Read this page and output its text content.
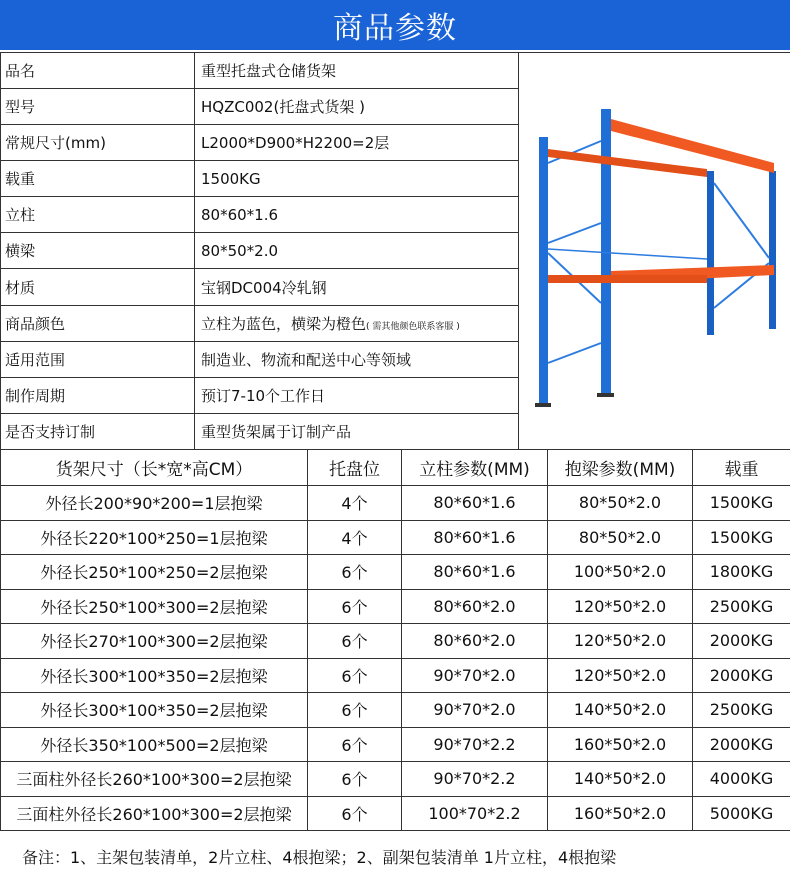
商品参数
品名	重型托盘式仓储货架	

型号	HQZC002(托盘式货架 )	
常规尺寸(mm)	L2000*D900*H2200=2层	
载重	1500KG	
立柱	80*60*1.6	
横梁	80*50*2.0	
材质	宝钢DC004冷轧钢	
商品颜色	立柱为蓝色，横梁为橙色( 需其他颜色联系客服 )	
适用范围	制造业、物流和配送中心等领域	
制作周期	预订7-10个工作日	
是否支持订制	重型货架属于订制产品	
货架尺寸（长*宽*高CM）	托盘位	立柱参数(MM)	抱梁参数(MM)	载重
外径长200*90*200=1层抱梁	4个	80*60*1.6	80*50*2.0	1500KG
外径长220*100*250=1层抱梁	4个	80*60*1.6	80*50*2.0	1500KG
外径长250*100*250=2层抱梁	6个	80*60*1.6	100*50*2.0	1800KG
外径长250*100*300=2层抱梁	6个	80*60*2.0	120*50*2.0	2500KG
外径长270*100*300=2层抱梁	6个	80*60*2.0	120*50*2.0	2000KG
外径长300*100*350=2层抱梁	6个	90*70*2.0	120*50*2.0	2000KG
外径长300*100*350=2层抱梁	6个	90*70*2.0	140*50*2.0	2500KG
外径长350*100*500=2层抱梁	6个	90*70*2.2	160*50*2.0	2000KG
三面柱外径长260*100*300=2层抱梁	6个	90*70*2.2	140*50*2.0	4000KG
三面柱外径长260*100*300=2层抱梁	6个	100*70*2.2	160*50*2.0	5000KG
备注：1、主架包装清单，2片立柱、4根抱梁；2、副架包装清单 1片立柱，4根抱梁
